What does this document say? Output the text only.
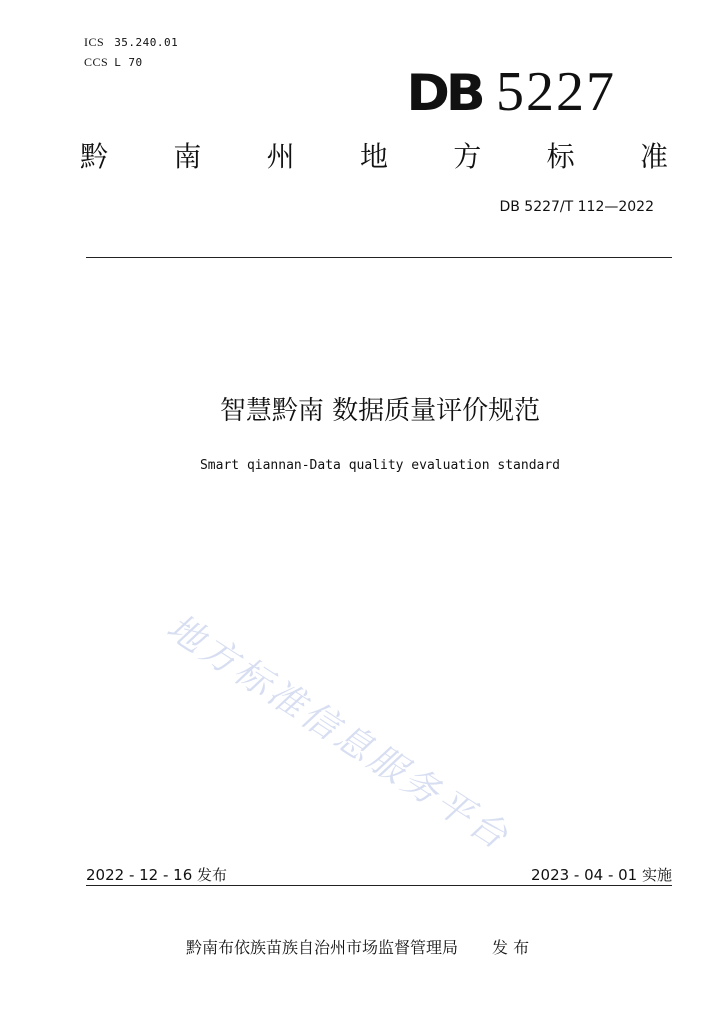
ICS 35.240.01
CCS L 70
DB 5227
黔 南 州 地 方 标 准
DB 5227/T 112—2022
智慧黔南 数据质量评价规范
Smart qiannan-Data quality evaluation standard
地方标准信息服务平台
2022 - 12 - 16 发布	2023 - 04 - 01 实施
黔南布依族苗族自治州市场监督管理局 发 布
